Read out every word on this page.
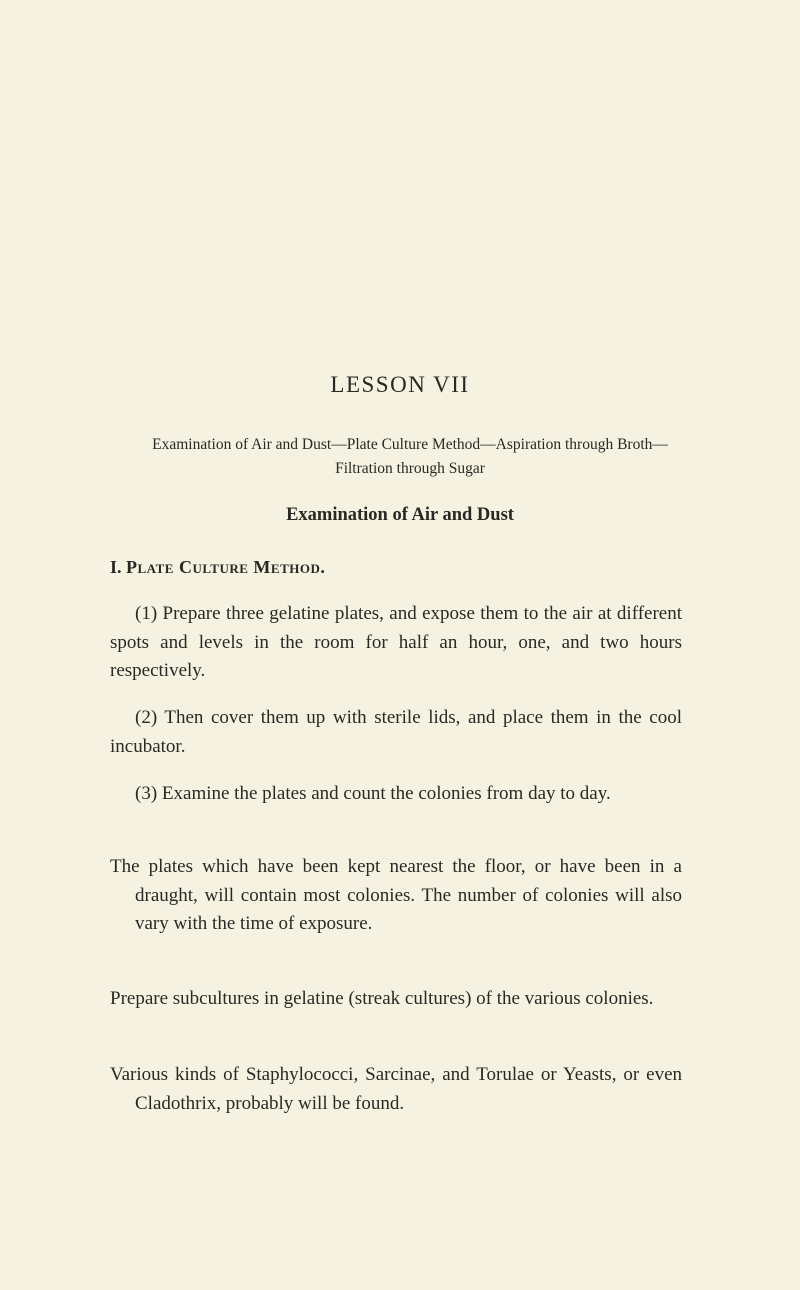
LESSON VII

Examination of Air and Dust—Plate Culture Method—Aspiration through Broth—Filtration through Sugar

Examination of Air and Dust
I. Plate Culture Method.

(1) Prepare three gelatine plates, and expose them to the air at different spots and levels in the room for half an hour, one, and two hours respectively.

(2) Then cover them up with sterile lids, and place them in the cool incubator.

(3) Examine the plates and count the colonies from day to day.

The plates which have been kept nearest the floor, or have been in a draught, will contain most colonies. The number of colonies will also vary with the time of exposure.

Prepare subcultures in gelatine (streak cultures) of the various colonies.

Various kinds of Staphylococci, Sarcinae, and Torulae or Yeasts, or even Cladothrix, probably will be found.
